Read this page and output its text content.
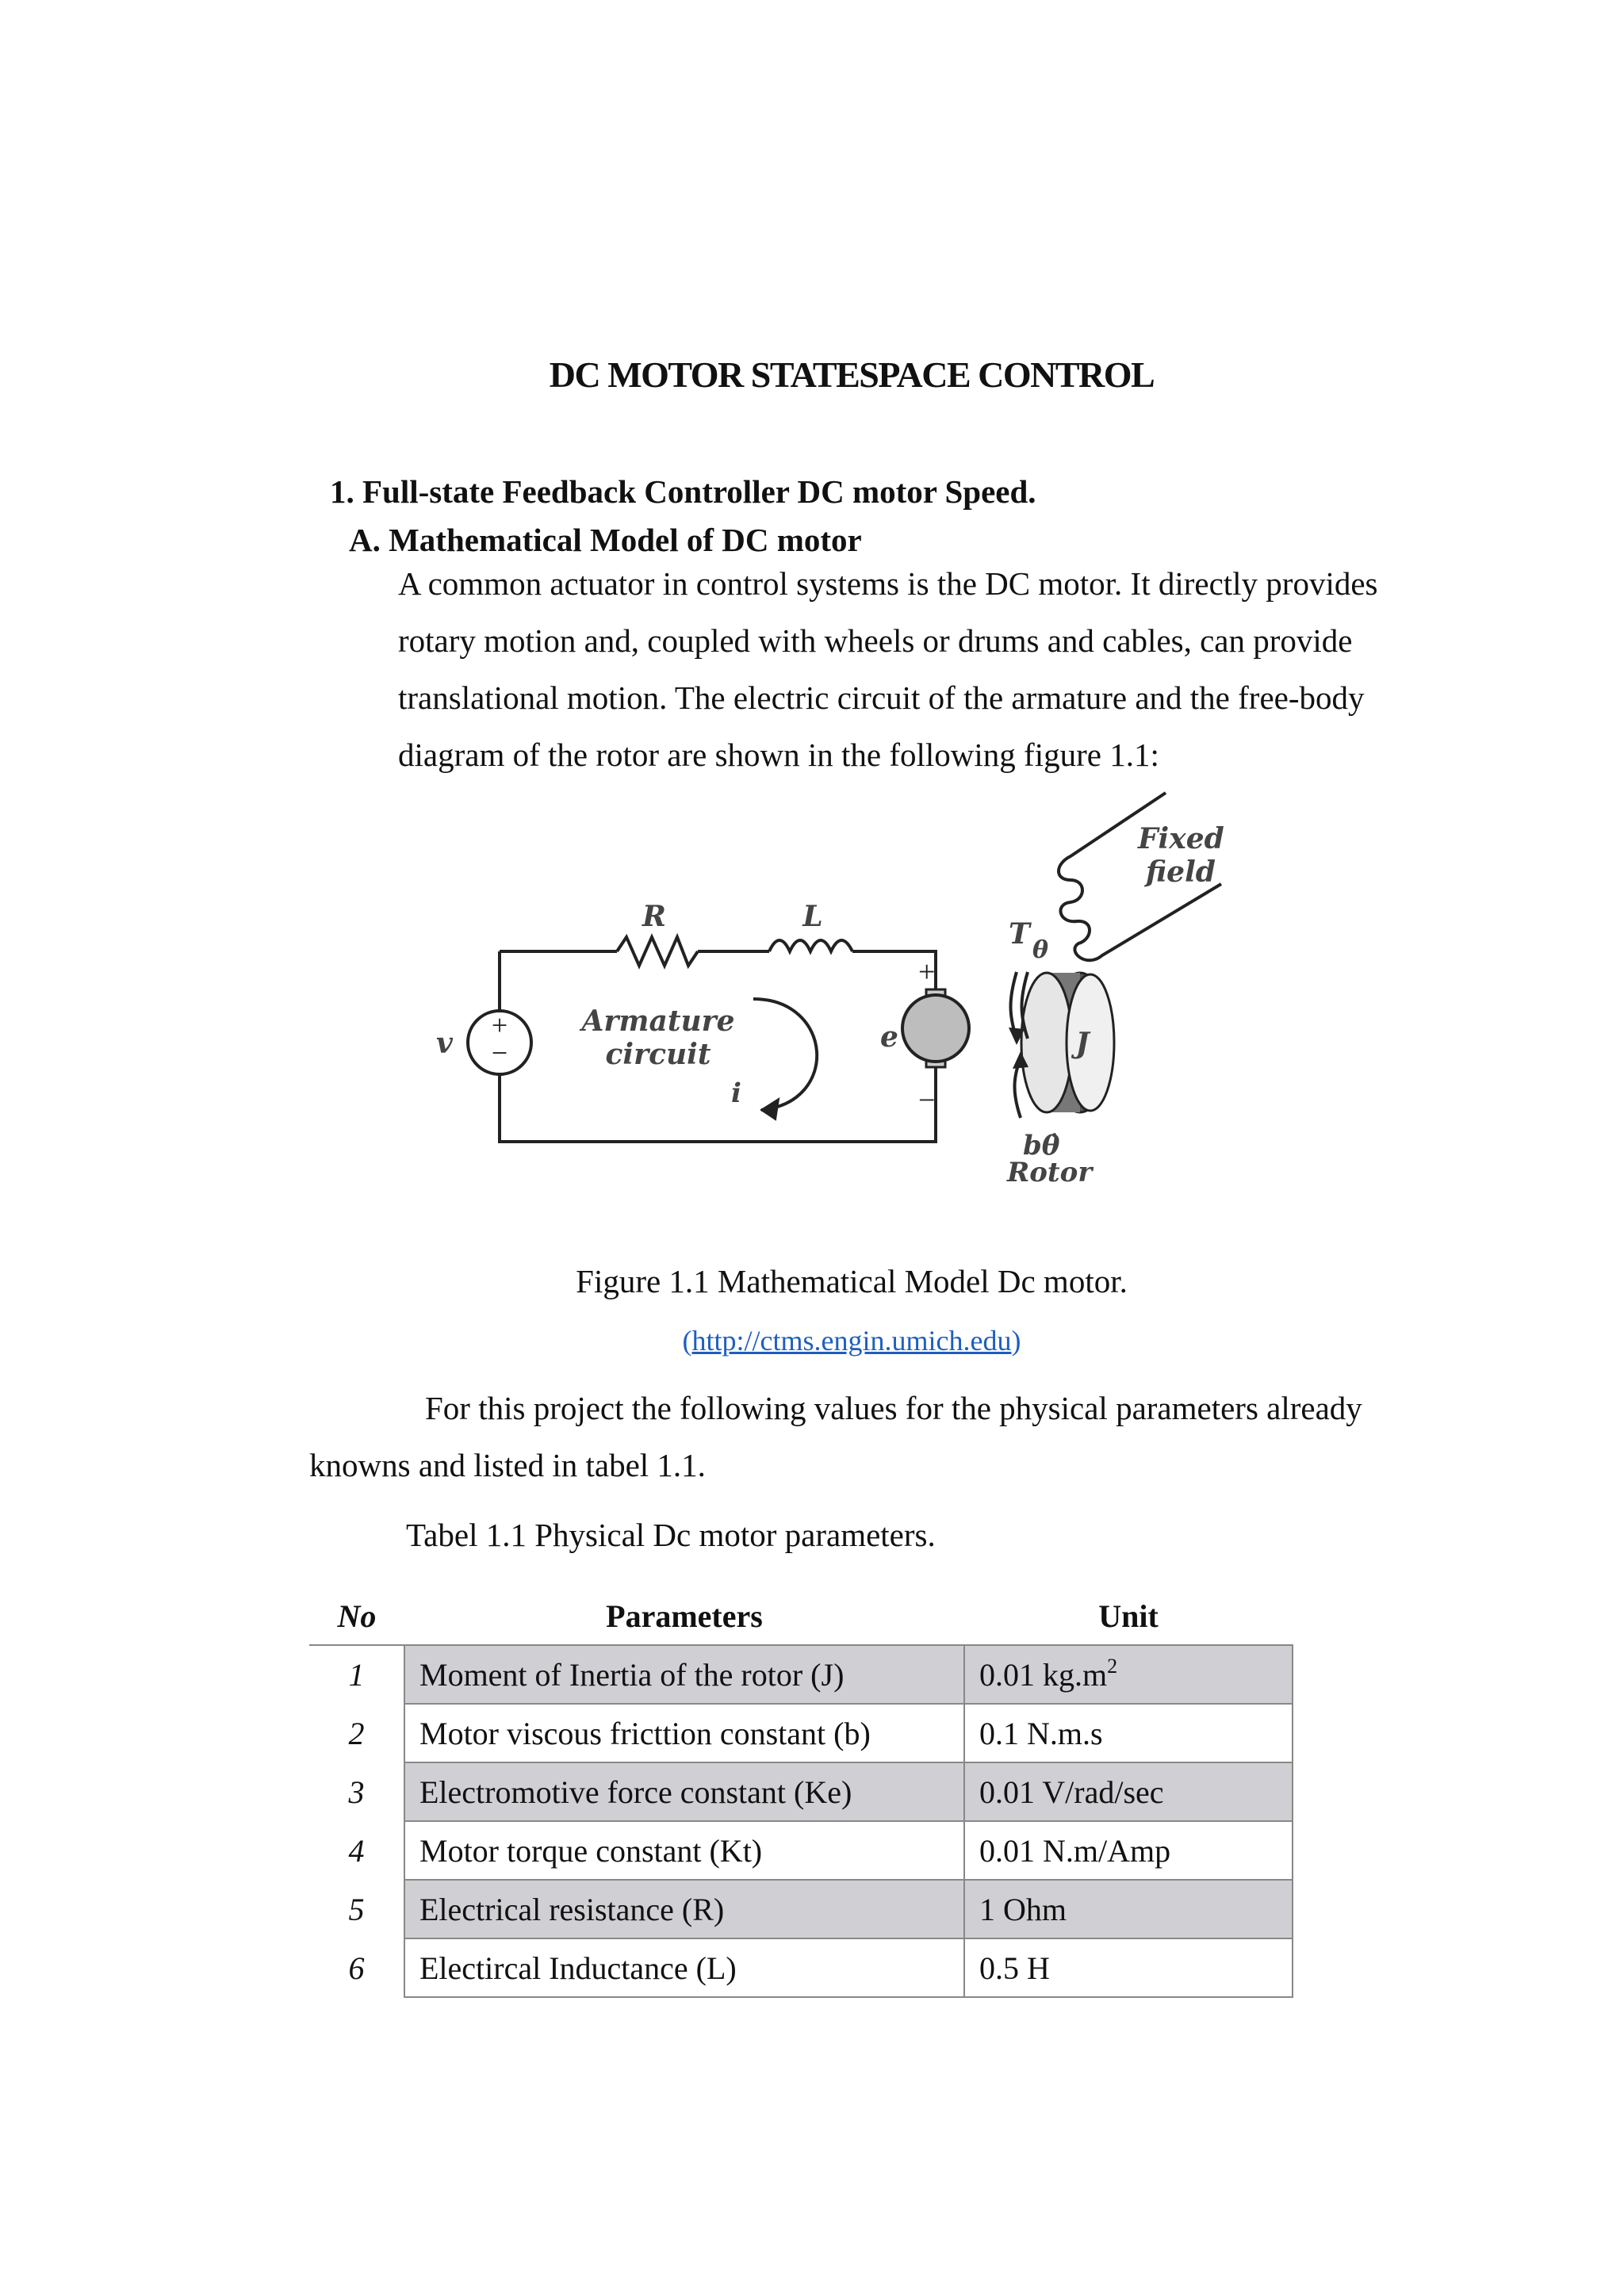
DC MOTOR STATESPACE CONTROL
1. Full-state Feedback Controller DC motor Speed.
A. Mathematical Model of DC motor

A common actuator in control systems is the DC motor. It directly provides

rotary motion and, coupled with wheels or drums and cables, can provide

translational motion. The electric circuit of the armature and the free-body

diagram of the rotor are shown in the following figure 1.1:

+
−
R	L
v
Armature
circuit
i
e
+
−
T θ
J
bθ̇
Rotor
Fixed
field
Figure 1.1 Mathematical Model Dc motor.
(http://ctms.engin.umich.edu)

For this project the following values for the physical parameters already

knowns and listed in tabel 1.1.

Tabel 1.1 Physical Dc motor parameters.
No	Parameters	Unit
1	Moment of Inertia of the rotor (J)	0.01 $kg.m^2$
2	Motor viscous fricttion constant (b)	0.1 N.m.s
3	Electromotive force constant (Ke)	0.01 V/rad/sec
4	Motor torque constant (Kt)	0.01 N.m/Amp
5	Electrical resistance (R)	1 Ohm
6	Electircal Inductance (L)	0.5 H
